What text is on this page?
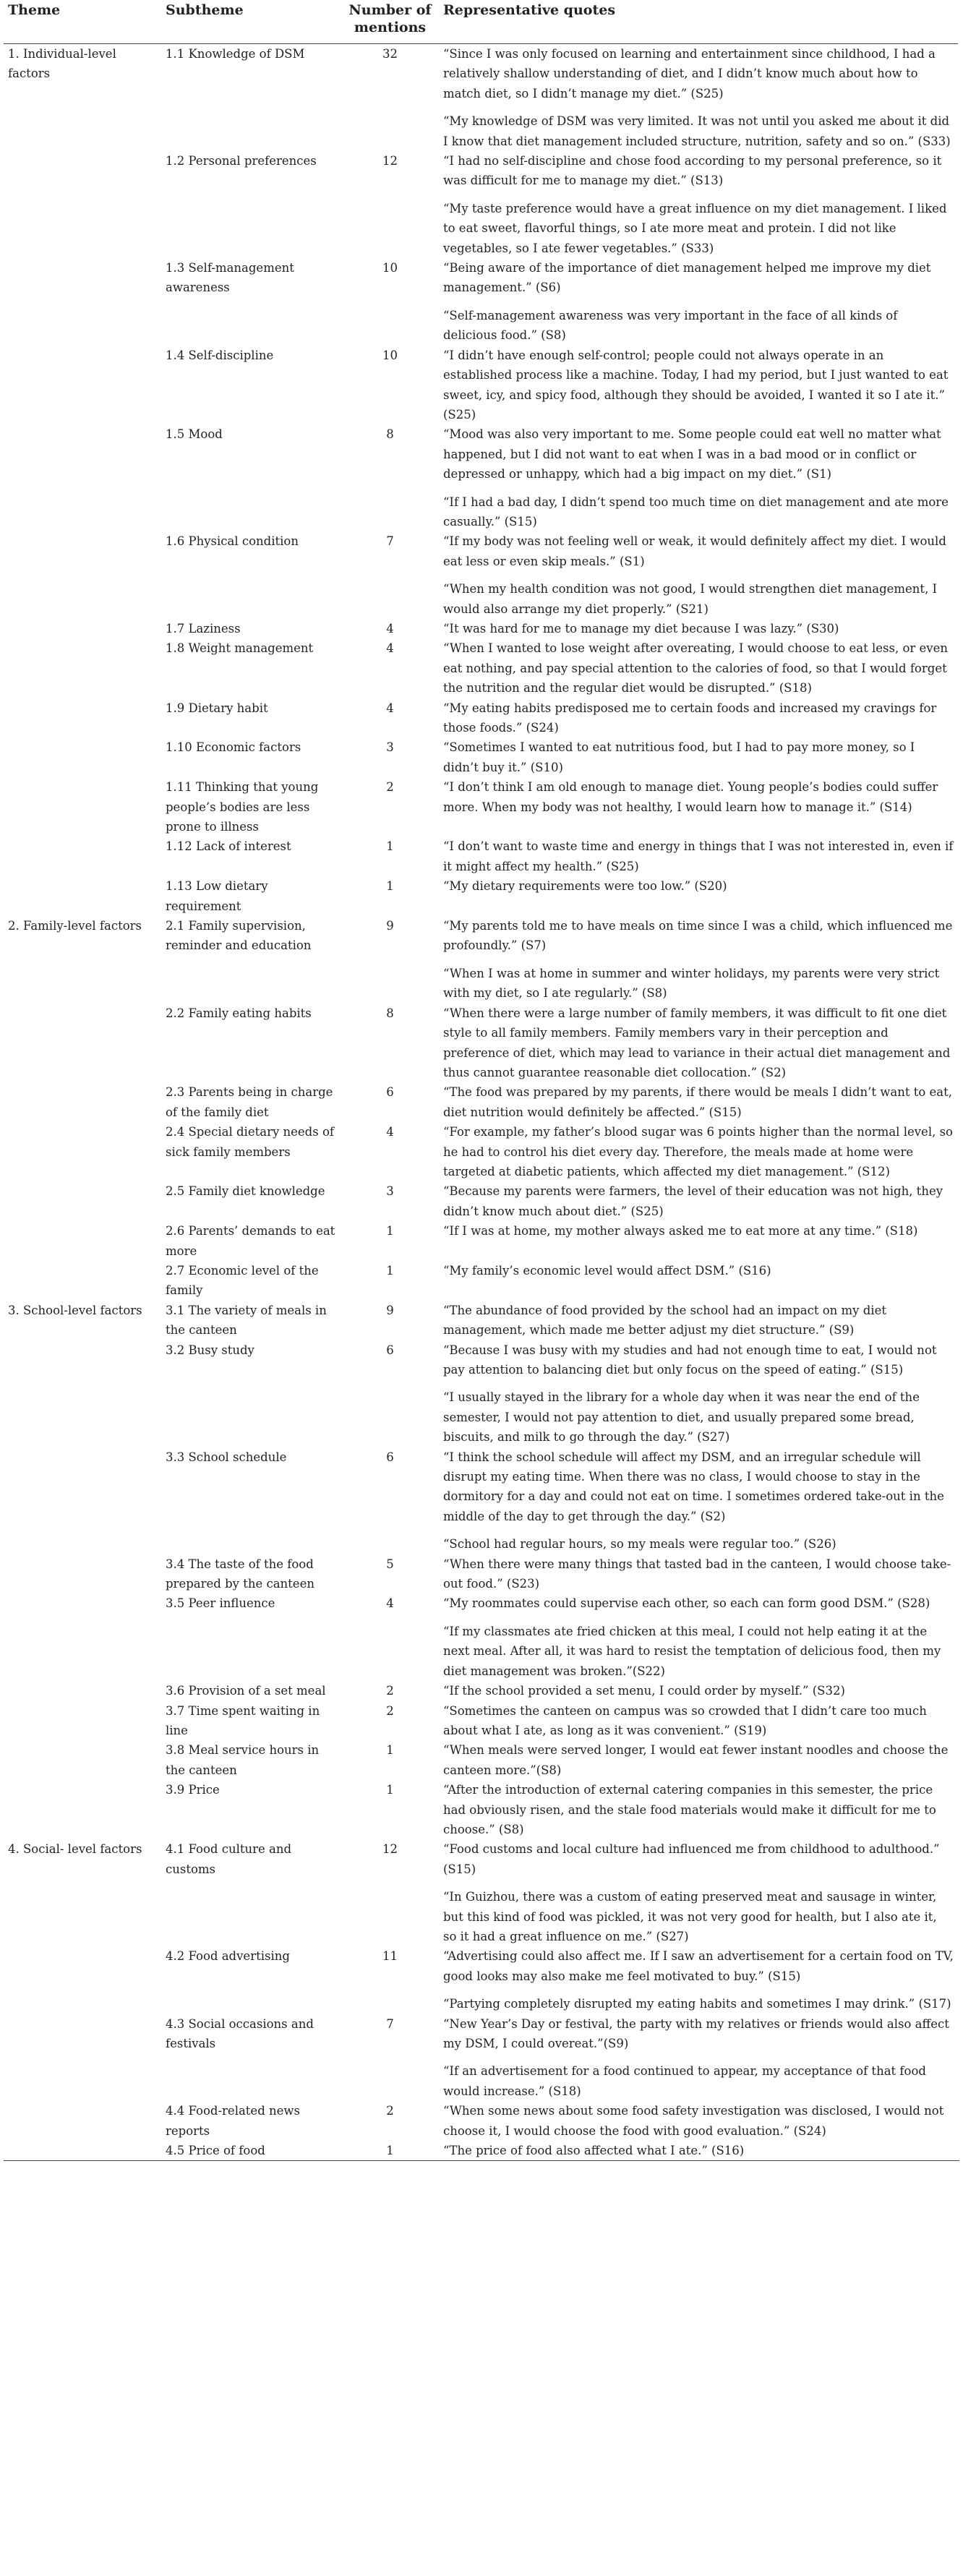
Theme	Subtheme	Number of mentions	Representative quotes
1. Individual-level factors	1.1 Knowledge of DSM	32	“Since I was only focused on learning and entertainment since childhood, I had a relatively shallow understanding of diet, and I didn’t know much about how to match diet, so I didn’t manage my diet.” (S25)
“My knowledge of DSM was very limited. It was not until you asked me about it did I know that diet management included structure, nutrition, safety and so on.” (S33)

	1.2 Personal preferences	12	“I had no self-discipline and chose food according to my personal preference, so it was difficult for me to manage my diet.” (S13)
“My taste preference would have a great influence on my diet management. I liked to eat sweet, flavorful things, so I ate more meat and protein. I did not like vegetables, so I ate fewer vegetables.” (S33)

	1.3 Self-management awareness	10	“Being aware of the importance of diet management helped me improve my diet management.” (S6)
“Self-management awareness was very important in the face of all kinds of delicious food.” (S8)

	1.4 Self-discipline	10	“I didn’t have enough self-control; people could not always operate in an established process like a machine. Today, I had my period, but I just wanted to eat sweet, icy, and spicy food, although they should be avoided, I wanted it so I ate it.” (S25)

	1.5 Mood	8	“Mood was also very important to me. Some people could eat well no matter what happened, but I did not want to eat when I was in a bad mood or in conflict or depressed or unhappy, which had a big impact on my diet.” (S1)
“If I had a bad day, I didn’t spend too much time on diet management and ate more casually.” (S15)

	1.6 Physical condition	7	“If my body was not feeling well or weak, it would definitely affect my diet. I would eat less or even skip meals.” (S1)
“When my health condition was not good, I would strengthen diet management, I would also arrange my diet properly.” (S21)

	1.7 Laziness	4	“It was hard for me to manage my diet because I was lazy.” (S30)

	1.8 Weight management	4	“When I wanted to lose weight after overeating, I would choose to eat less, or even eat nothing, and pay special attention to the calories of food, so that I would forget the nutrition and the regular diet would be disrupted.” (S18)

	1.9 Dietary habit	4	“My eating habits predisposed me to certain foods and increased my cravings for those foods.” (S24)

	1.10 Economic factors	3	“Sometimes I wanted to eat nutritious food, but I had to pay more money, so I didn’t buy it.” (S10)

	1.11 Thinking that young people’s bodies are less prone to illness	2	“I don’t think I am old enough to manage diet. Young people’s bodies could suffer more. When my body was not healthy, I would learn how to manage it.” (S14)

	1.12 Lack of interest	1	“I don’t want to waste time and energy in things that I was not interested in, even if it might affect my health.” (S25)

	1.13 Low dietary requirement	1	“My dietary requirements were too low.” (S20)

2. Family-level factors	2.1 Family supervision, reminder and education	9	“My parents told me to have meals on time since I was a child, which influenced me profoundly.” (S7)
“When I was at home in summer and winter holidays, my parents were very strict with my diet, so I ate regularly.” (S8)

	2.2 Family eating habits	8	“When there were a large number of family members, it was difficult to fit one diet style to all family members. Family members vary in their perception and preference of diet, which may lead to variance in their actual diet management and thus cannot guarantee reasonable diet collocation.” (S2)

	2.3 Parents being in charge of the family diet	6	“The food was prepared by my parents, if there would be meals I didn’t want to eat, diet nutrition would definitely be affected.” (S15)

	2.4 Special dietary needs of sick family members	4	“For example, my father’s blood sugar was 6 points higher than the normal level, so he had to control his diet every day. Therefore, the meals made at home were targeted at diabetic patients, which affected my diet management.” (S12)

	2.5 Family diet knowledge	3	“Because my parents were farmers, the level of their education was not high, they didn’t know much about diet.” (S25)

	2.6 Parents’ demands to eat more	1	“If I was at home, my mother always asked me to eat more at any time.” (S18)

	2.7 Economic level of the family	1	“My family’s economic level would affect DSM.” (S16)

3. School-level factors	3.1 The variety of meals in the canteen	9	“The abundance of food provided by the school had an impact on my diet management, which made me better adjust my diet structure.” (S9)

	3.2 Busy study	6	“Because I was busy with my studies and had not enough time to eat, I would not pay attention to balancing diet but only focus on the speed of eating.” (S15)
“I usually stayed in the library for a whole day when it was near the end of the semester, I would not pay attention to diet, and usually prepared some bread, biscuits, and milk to go through the day.” (S27)

	3.3 School schedule	6	“I think the school schedule will affect my DSM, and an irregular schedule will disrupt my eating time. When there was no class, I would choose to stay in the dormitory for a day and could not eat on time. I sometimes ordered take-out in the middle of the day to get through the day.” (S2)
“School had regular hours, so my meals were regular too.” (S26)

	3.4 The taste of the food prepared by the canteen	5	“When there were many things that tasted bad in the canteen, I would choose take-out food.” (S23)

	3.5 Peer influence	4	“My roommates could supervise each other, so each can form good DSM.” (S28)
“If my classmates ate fried chicken at this meal, I could not help eating it at the next meal. After all, it was hard to resist the temptation of delicious food, then my diet management was broken.”(S22)

	3.6 Provision of a set meal	2	“If the school provided a set menu, I could order by myself.” (S32)

	3.7 Time spent waiting in line	2	“Sometimes the canteen on campus was so crowded that I didn’t care too much about what I ate, as long as it was convenient.” (S19)

	3.8 Meal service hours in the canteen	1	“When meals were served longer, I would eat fewer instant noodles and choose the canteen more.”(S8)

	3.9 Price	1	“After the introduction of external catering companies in this semester, the price had obviously risen, and the stale food materials would make it difficult for me to choose.” (S8)

4. Social- level factors	4.1 Food culture and customs	12	“Food customs and local culture had influenced me from childhood to adulthood.” (S15)
“In Guizhou, there was a custom of eating preserved meat and sausage in winter, but this kind of food was pickled, it was not very good for health, but I also ate it, so it had a great influence on me.” (S27)

	4.2 Food advertising	11	“Advertising could also affect me. If I saw an advertisement for a certain food on TV, good looks may also make me feel motivated to buy.” (S15)
“Partying completely disrupted my eating habits and sometimes I may drink.” (S17)

	4.3 Social occasions and festivals	7	“New Year’s Day or festival, the party with my relatives or friends would also affect my DSM, I could overeat.”(S9)
“If an advertisement for a food continued to appear, my acceptance of that food would increase.” (S18)

	4.4 Food-related news reports	2	“When some news about some food safety investigation was disclosed, I would not choose it, I would choose the food with good evaluation.” (S24)

	4.5 Price of food	1	“The price of food also affected what I ate.” (S16)
